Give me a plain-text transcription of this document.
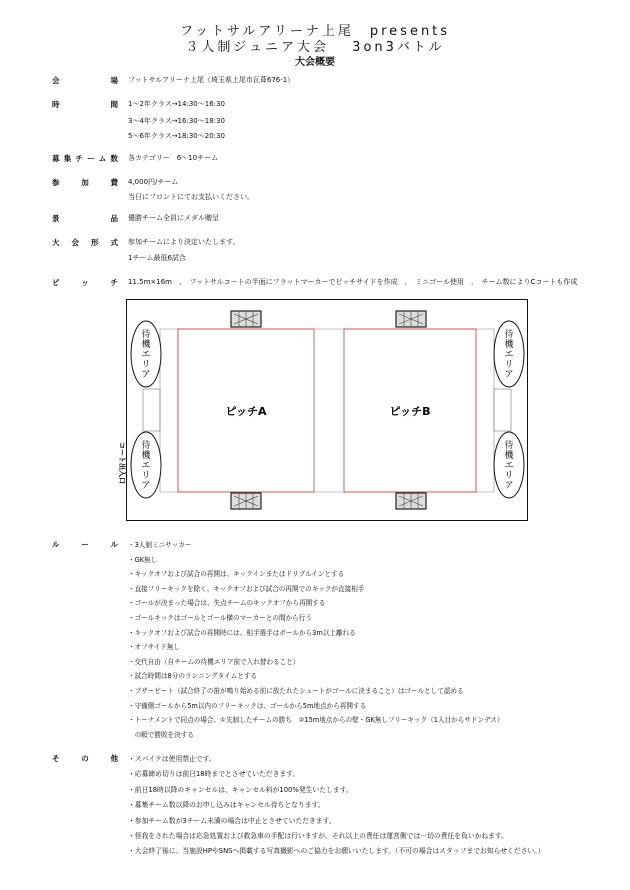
フットサルアリーナ上尾　presents
３人制ジュニア大会　 3on3バトル
大会概要
会	場 フットサルアリーナ上尾（埼玉県上尾市瓦葺676-1）
時	間 1〜2年クラス→14:30〜16:30
3〜4年クラス→16:30〜18:30
5〜6年クラス→18:30〜20:30
募 集 チ ー ム 数 各カテゴリー　6〜10チーム
参	加	費 4,000円/チーム
当日にフロントにてお支払いください。
景	品 優勝チーム全員にメダル贈呈
大 会 形 式 参加チームにより決定いたします。
1チーム最低6試合
ピ	ッ	チ 11.5m×16m　，　フットサルコートの半面にフラットマーカーでピッチサイドを作成　，　ミニゴール使用　，　チーム数によりCコートも作成
ピッチA	ピッチB
待機エリア
待機エリア
待機エリア
待機エリア
コート出入口
ル	ー	ル ・3人制ミニサッカー
・GK無し
・キックオフおよび試合の再開は、キックインまたはドリブルインとする
・直接フリーキックを除く、キックオフおよび試合の再開でのキックが直接相手
・ゴールが決まった場合は、失点チームのキックオフから再開する
・ゴールキックはゴールとゴール横のマーカーとの間から行う
・キックオフおよび試合の再開時には、相手選手はボールから3m以上離れる
・オフサイド無し
・交代自由（自チームの待機エリア前で入れ替わること）
・試合時間は8分のランニングタイムとする
・ブザービート（試合終了の笛が鳴り始める前に放たれたシュートがゴールに決まること）はゴールとして認める
・守備側ゴールから5m以内のフリーキックは、ゴールから5m地点から再開する
・トーナメントで同点の場合、①先制したチームの勝ち　②15m地点からの壁・GK無しフリーキック（1人目からサドンデス）
　の順で勝敗を決する
そ	の	他 ・スパイクは使用禁止です。
・応募締め切りは前日18時までとさせていただきます。
・前日18時以降のキャンセルは、キャンセル料が100%発生いたします。
・募集チーム数以降のお申し込みはキャンセル待ちとなります。
・参加チーム数が3チーム未満の場合は中止とさせていただきます。
・怪我をされた場合は応急処置および救急車の手配は行いますが、それ以上の責任は運営側では一切の責任を負いかねます。
・大会終了後に、当施設HPやSNSへ掲載する写真撮影へのご協力をお願いいたします。（不可の場合はスタッフまでお知らせください。）
